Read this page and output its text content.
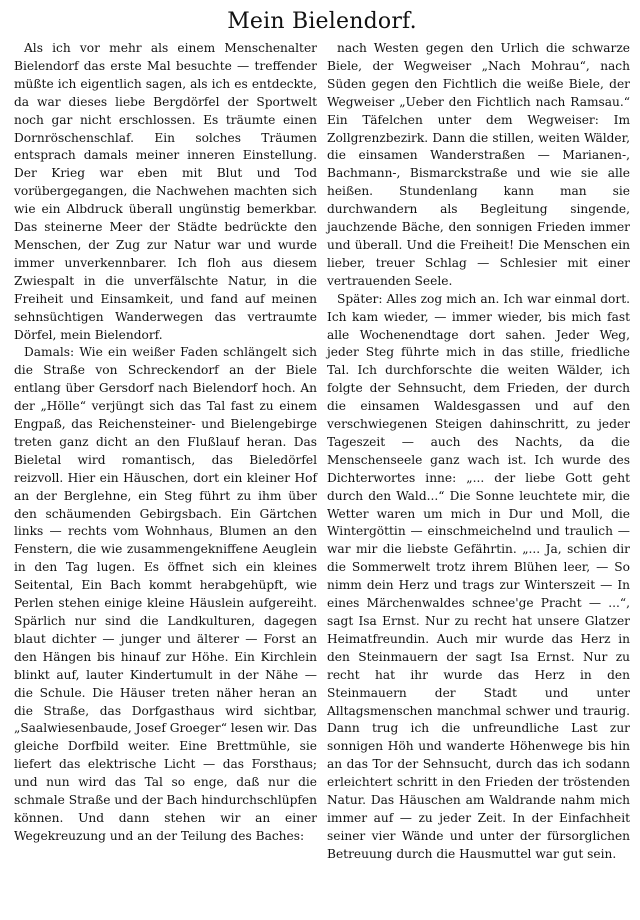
Mein Bielendorf.

Als ich vor mehr als einem Menschenalter Bielendorf das erste Mal besuchte — treffender müßte ich eigentlich sagen, als ich es entdeckte, da war dieses liebe Bergdörfel der Sportwelt noch gar nicht erschlossen. Es träumte einen Dornröschenschlaf. Ein solches Träumen entsprach damals meiner inneren Einstellung. Der Krieg war eben mit Blut und Tod vorübergegangen, die Nachwehen machten sich wie ein Albdruck überall ungünstig bemerkbar. Das steinerne Meer der Städte bedrückte den Menschen, der Zug zur Natur war und wurde immer unverkennbarer. Ich floh aus diesem Zwiespalt in die unverfälschte Natur, in die Freiheit und Einsamkeit, und fand auf meinen sehnsüchtigen Wanderwegen das vertraumte Dörfel, mein Bielendorf.

Damals: Wie ein weißer Faden schlängelt sich die Straße von Schreckendorf an der Biele entlang über Gersdorf nach Bielendorf hoch. An der „Hölle“ verjüngt sich das Tal fast zu einem Engpaß, das Reichensteiner- und Bielengebirge treten ganz dicht an den Flußlauf heran. Das Bieletal wird romantisch, das Bieledörfel reizvoll. Hier ein Häuschen, dort ein kleiner Hof an der Berglehne, ein Steg führt zu ihm über den schäumenden Gebirgsbach. Ein Gärtchen links — rechts vom Wohnhaus, Blumen an den Fenstern, die wie zusammengekniffene Aeuglein in den Tag lugen. Es öffnet sich ein kleines Seitental, Ein Bach kommt herabgehüpft, wie Perlen stehen einige kleine Häuslein aufgereiht. Spärlich nur sind die Landkulturen, dagegen blaut dichter — junger und älterer — Forst an den Hängen bis hinauf zur Höhe. Ein Kirchlein blinkt auf, lauter Kindertumult in der Nähe — die Schule. Die Häuser treten näher heran an die Straße, das Dorfgasthaus wird sichtbar, „Saalwiesenbaude, Josef Groeger“ lesen wir. Das gleiche Dorfbild weiter. Eine Brettmühle, sie liefert das elektrische Licht — das Forsthaus; und nun wird das Tal so enge, daß nur die schmale Straße und der Bach hindurchschlüpfen können. Und dann stehen wir an einer Wegekreuzung und an der Teilung des Baches:

nach Westen gegen den Urlich die schwarze Biele, der Wegweiser „Nach Mohrau“, nach Süden gegen den Fichtlich die weiße Biele, der Wegweiser „Ueber den Fichtlich nach Ramsau.“ Ein Täfelchen unter dem Wegweiser: Im Zollgrenzbezirk. Dann die stillen, weiten Wälder, die einsamen Wanderstraßen — Marianen-, Bachmann-, Bismarckstraße und wie sie alle heißen. Stundenlang kann man sie durchwandern als Begleitung singende, jauchzende Bäche, den sonnigen Frieden immer und überall. Und die Freiheit! Die Menschen ein lieber, treuer Schlag — Schlesier mit einer vertrauenden Seele.

Später: Alles zog mich an. Ich war einmal dort. Ich kam wieder, — immer wieder, bis mich fast alle Wochenendtage dort sahen. Jeder Weg, jeder Steg führte mich in das stille, friedliche Tal. Ich durchforschte die weiten Wälder, ich folgte der Sehnsucht, dem Frieden, der durch die einsamen Waldesgassen und auf den verschwiegenen Steigen dahinschritt, zu jeder Tageszeit — auch des Nachts, da die Menschenseele ganz wach ist. Ich wurde des Dichterwortes inne: „... der liebe Gott geht durch den Wald...“ Die Sonne leuchtete mir, die Wetter waren um mich in Dur und Moll, die Wintergöttin — einschmeichelnd und traulich — war mir die liebste Gefährtin. „... Ja, schien dir die Sommerwelt trotz ihrem Blühen leer, — So nimm dein Herz und trags zur Winterszeit — In eines Märchenwaldes schnee'ge Pracht — ...“, sagt Isa Ernst. Nur zu recht hat unsere Glatzer Heimatfreundin. Auch mir wurde das Herz in den Steinmauern der sagt Isa Ernst. Nur zu recht hat ihr wurde das Herz in den Steinmauern der Stadt und unter Alltagsmenschen manchmal schwer und traurig. Dann trug ich die unfreundliche Last zur sonnigen Höh und wanderte Höhenwege bis hin an das Tor der Sehnsucht, durch das ich sodann erleichtert schritt in den Frieden der tröstenden Natur. Das Häuschen am Waldrande nahm mich immer auf — zu jeder Zeit. In der Einfachheit seiner vier Wände und unter der fürsorglichen Betreuung durch die Hausmuttel war gut sein.
